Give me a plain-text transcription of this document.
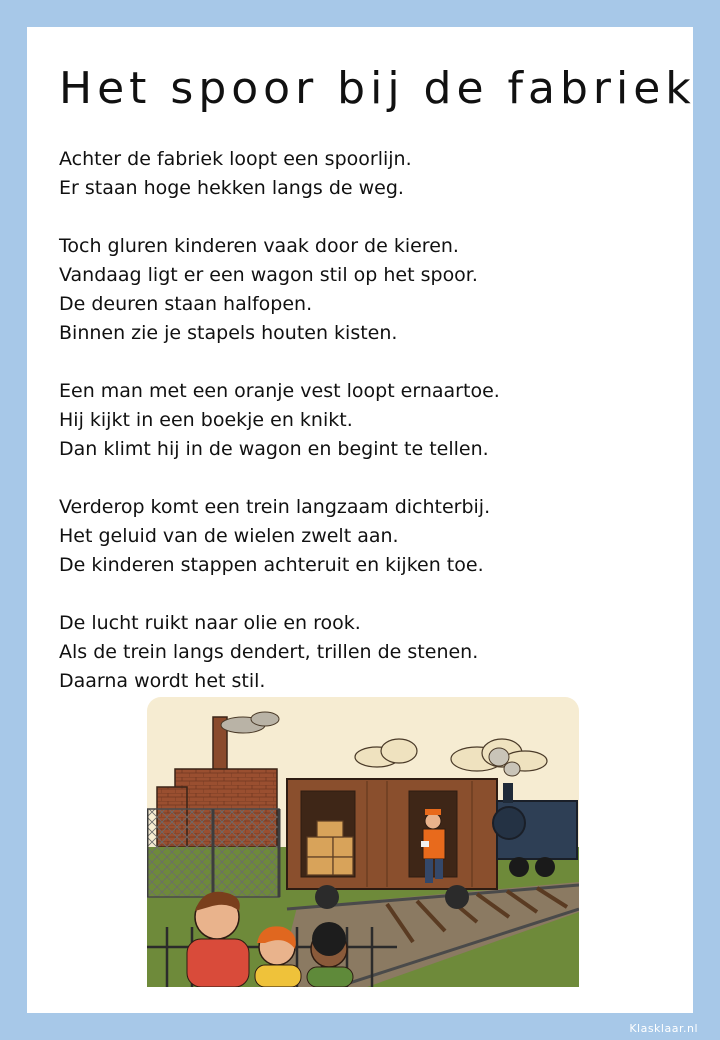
Het spoor bij de fabriek

Achter de fabriek loopt een spoorlijn.
Er staan hoge hekken langs de weg.

Toch gluren kinderen vaak door de kieren.
Vandaag ligt er een wagon stil op het spoor.
De deuren staan halfopen.
Binnen zie je stapels houten kisten.

Een man met een oranje vest loopt ernaartoe.
Hij kijkt in een boekje en knikt.
Dan klimt hij in de wagon en begint te tellen.

Verderop komt een trein langzaam dichterbij.
Het geluid van de wielen zwelt aan.
De kinderen stappen achteruit en kijken toe.

De lucht ruikt naar olie en rook.
Als de trein langs dendert, trillen de stenen.
Daarna wordt het stil.

Klasklaar.nl
